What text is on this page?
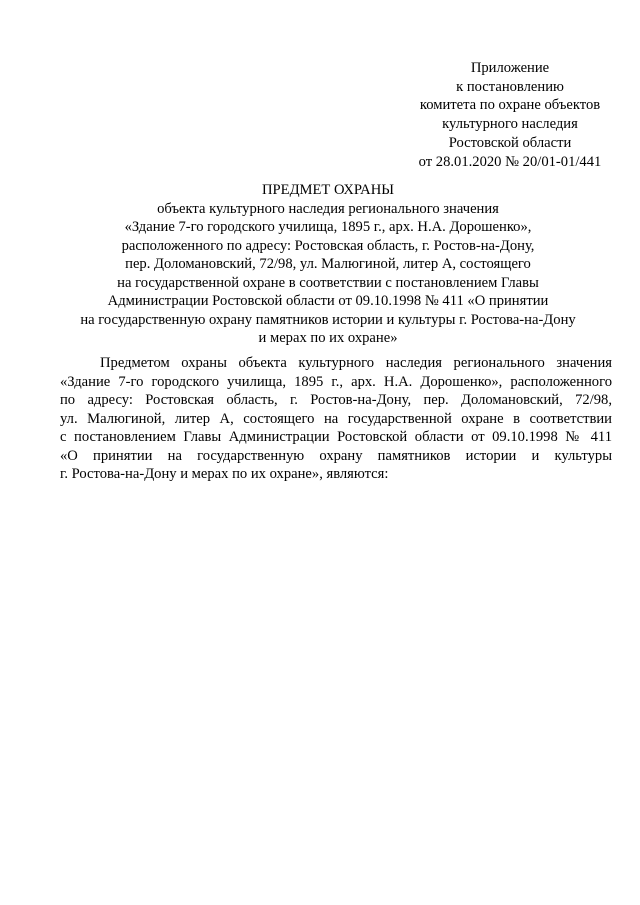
Приложение
к постановлению
комитета по охране объектов
культурного наследия
Ростовской области
от 28.01.2020 № 20/01-01/441
ПРЕДМЕТ ОХРАНЫ
объекта культурного наследия регионального значения
«Здание 7-го городского училища, 1895 г., арх. Н.А. Дорошенко»,
расположенного по адресу: Ростовская область, г. Ростов-на-Дону,
пер. Доломановский, 72/98, ул. Малюгиной, литер А, состоящего
на государственной охране в соответствии с постановлением Главы
Администрации Ростовской области от 09.10.1998 № 411 «О принятии
на государственную охрану памятников истории и культуры г. Ростова-на-Дону
и мерах по их охране»
Предметом охраны объекта культурного наследия регионального значения
«Здание 7-го городского училища, 1895 г., арх. Н.А. Дорошенко», расположенного
по адресу: Ростовская область, г. Ростов-на-Дону, пер. Доломановский, 72/98,
ул. Малюгиной, литер А, состоящего на государственной охране в соответствии
с постановлением Главы Администрации Ростовской области от 09.10.1998 № 411
«О принятии на государственную охрану памятников истории и культуры
г. Ростова-на-Дону и мерах по их охране», являются:
